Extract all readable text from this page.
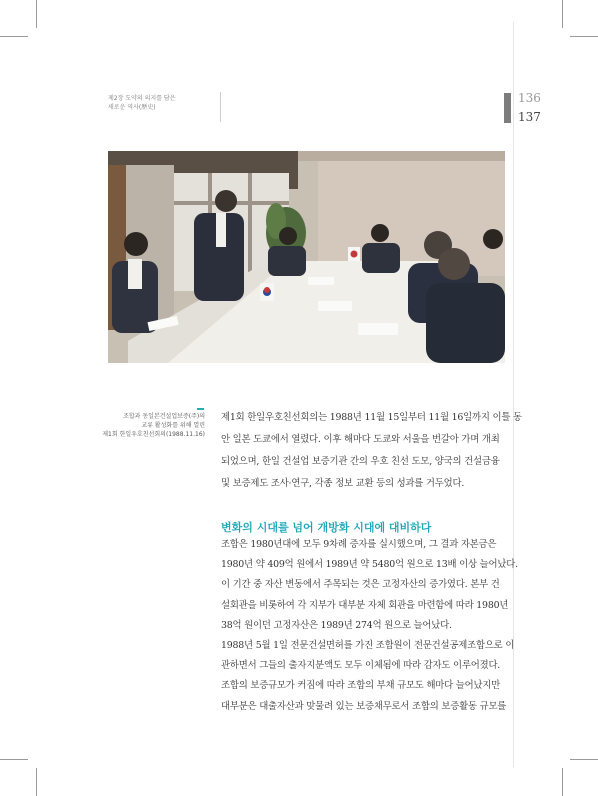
제2장 도약의 의지를 담은
새로운 역사(歷史)
136
137
조합과 동일본건설업보증(주)의
교류 활성화를 위해 열린
제1회 한일우호친선회의(1988.11.16)
제1회 한일우호친선회의는 1988년 11월 15일부터 11월 16일까지 이틀 동
안 일본 도쿄에서 열렸다. 이후 해마다 도쿄와 서울을 번갈아 가며 개최
되었으며, 한일 건설업 보증기관 간의 우호 친선 도모, 양국의 건설금융
및 보증제도 조사·연구, 각종 정보 교환 등의 성과를 거두었다.
변화의 시대를 넘어 개방화 시대에 대비하다
조합은 1980년대에 모두 9차례 증자를 실시했으며, 그 결과 자본금은
1980년 약 409억 원에서 1989년 약 5480억 원으로 13배 이상 늘어났다.
이 기간 중 자산 변동에서 주목되는 것은 고정자산의 증가였다. 본부 건
설회관을 비롯하여 각 지부가 대부분 자체 회관을 마련함에 따라 1980년
38억 원이던 고정자산은 1989년 274억 원으로 늘어났다.
1988년 5월 1일 전문건설면허를 가진 조합원이 전문건설공제조합으로 이
관하면서 그들의 출자지분액도 모두 이체됨에 따라 감자도 이루어졌다.
조합의 보증규모가 커짐에 따라 조합의 부채 규모도 해마다 늘어났지만
대부분은 대출자산과 맞물려 있는 보증채무로서 조합의 보증활동 규모를
